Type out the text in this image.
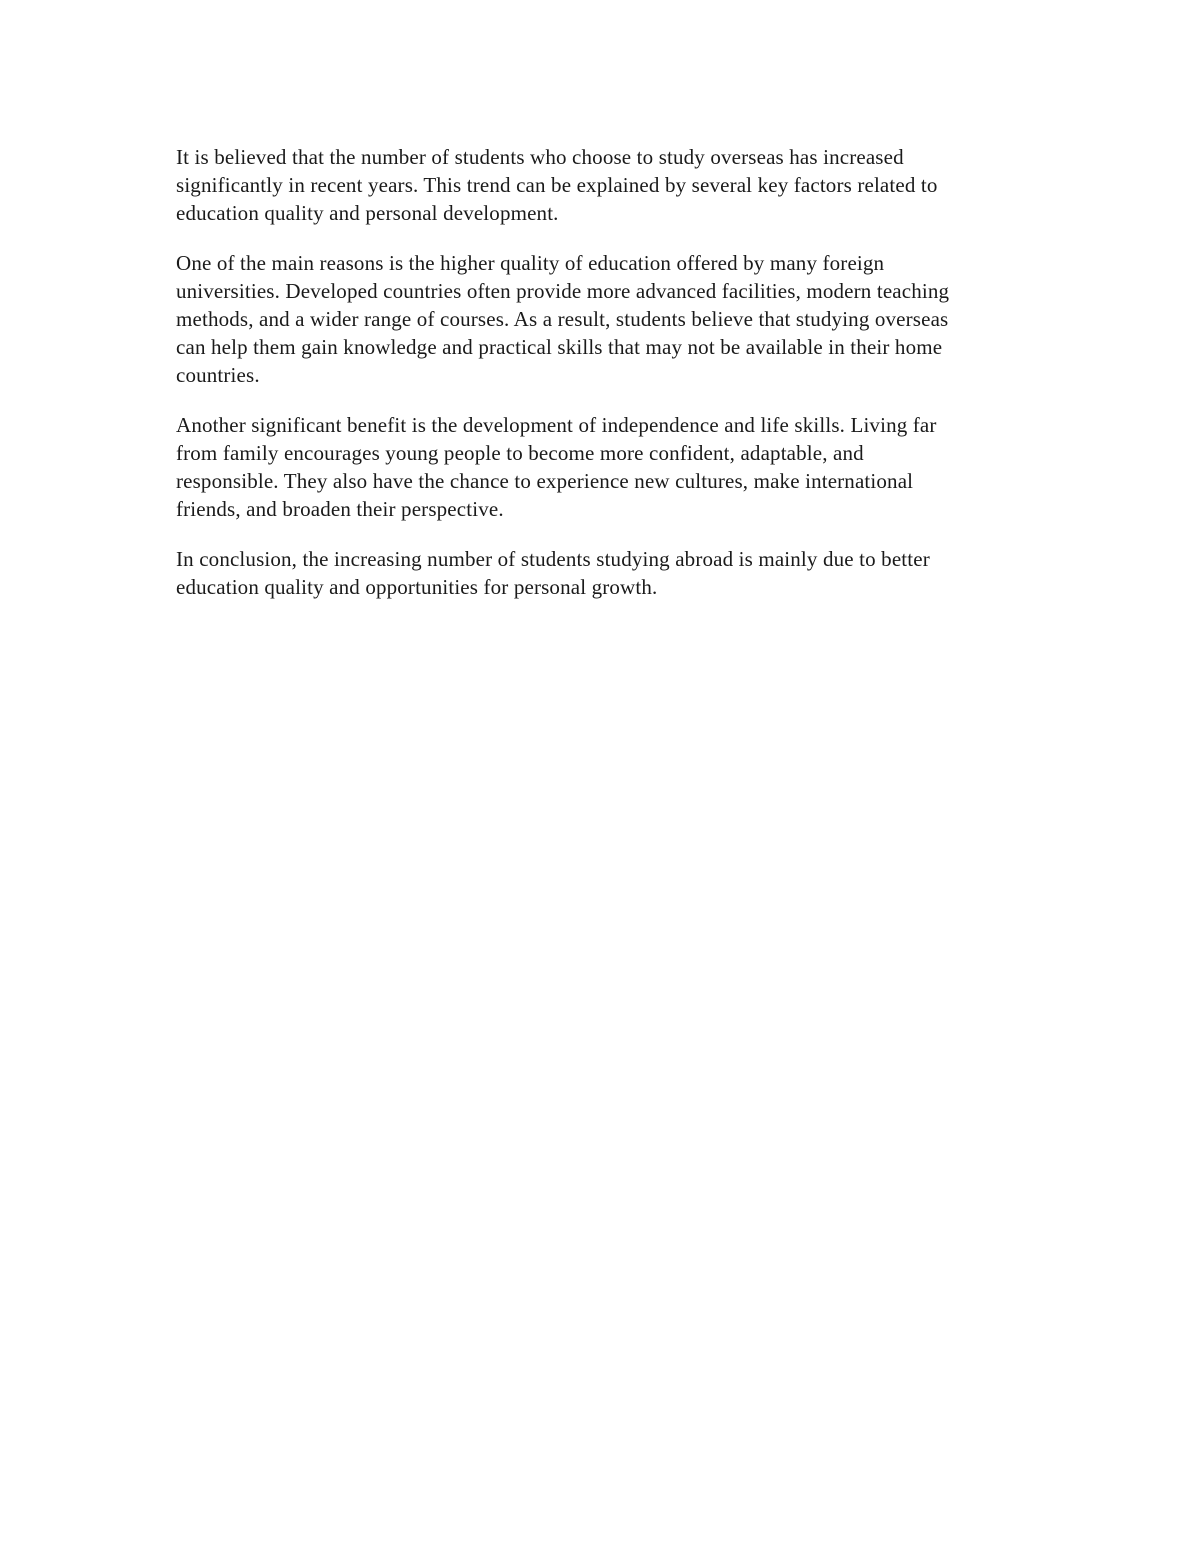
It is believed that the number of students who choose to study overseas has increased
significantly in recent years. This trend can be explained by several key factors related to
education quality and personal development.

One of the main reasons is the higher quality of education offered by many foreign
universities. Developed countries often provide more advanced facilities, modern teaching
methods, and a wider range of courses. As a result, students believe that studying overseas
can help them gain knowledge and practical skills that may not be available in their home
countries.

Another significant benefit is the development of independence and life skills. Living far
from family encourages young people to become more confident, adaptable, and
responsible. They also have the chance to experience new cultures, make international
friends, and broaden their perspective.

In conclusion, the increasing number of students studying abroad is mainly due to better
education quality and opportunities for personal growth.
